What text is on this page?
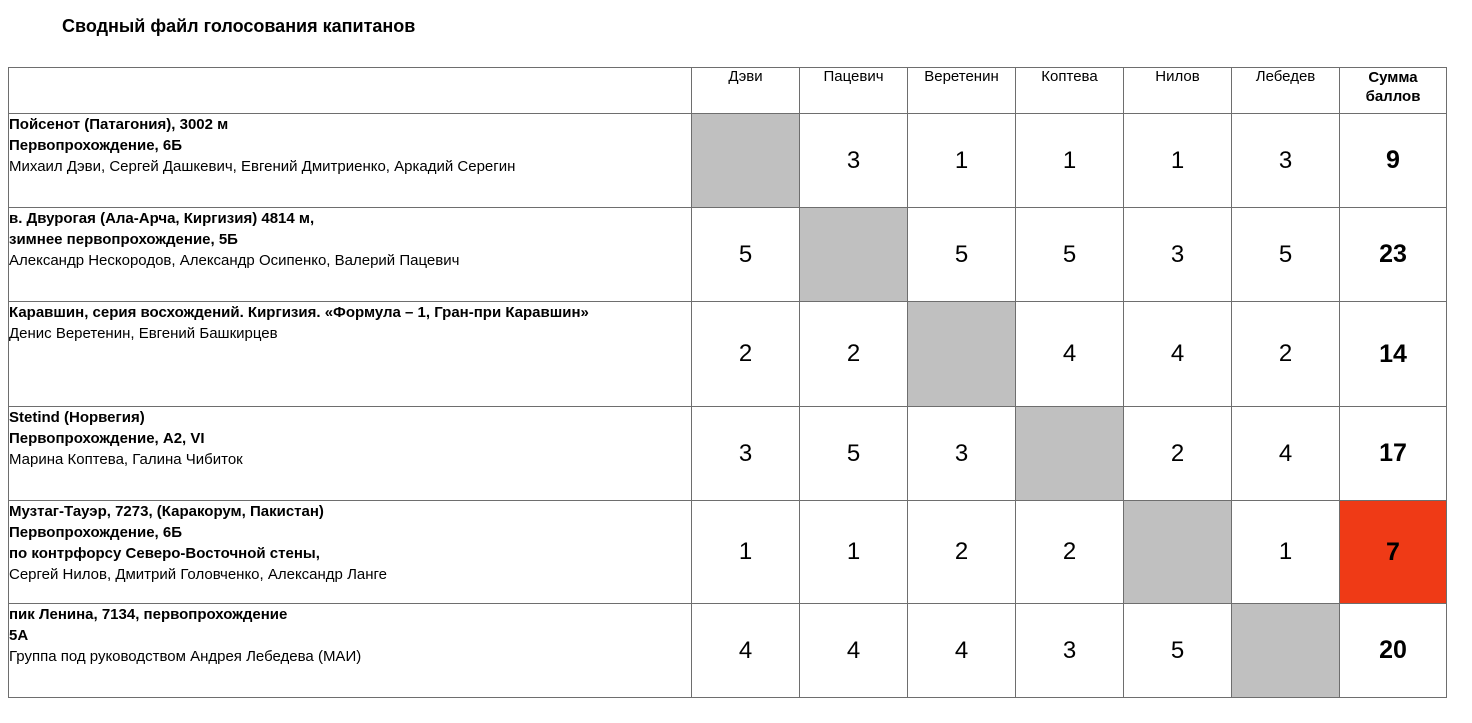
Сводный файл голосования капитанов
	Дэви	Пацевич	Веретенин	Коптева	Нилов	Лебедев	Сумма
баллов

Пойсенот (Патагония), 3002 м
Первопрохождение, 6Б
Михаил Дэви, Сергей Дашкевич, Евгений Дмитриенко, Аркадий Серегин		3	1	1	1	3	9

в. Двурогая (Ала-Арча, Киргизия) 4814 м,
зимнее первопрохождение, 5Б
Александр Нескородов, Александр Осипенко, Валерий Пацевич	5		5	5	3	5	23

Каравшин, серия восхождений. Киргизия. «Формула – 1, Гран-при Каравшин»
Денис Веретенин, Евгений Башкирцев	2	2		4	4	2	14

Stetind (Норвегия)
Первопрохождение, А2, VI
Марина Коптева, Галина Чибиток	3	5	3		2	4	17

Музтаг-Тауэр, 7273, (Каракорум, Пакистан)
Первопрохождение, 6Б
по контрфорсу Северо-Восточной стены,
Сергей Нилов, Дмитрий Головченко, Александр Ланге	1	1	2	2		1	7

пик Ленина, 7134, первопрохождение
5А
Группа под руководством Андрея Лебедева (МАИ)	4	4	4	3	5		20
